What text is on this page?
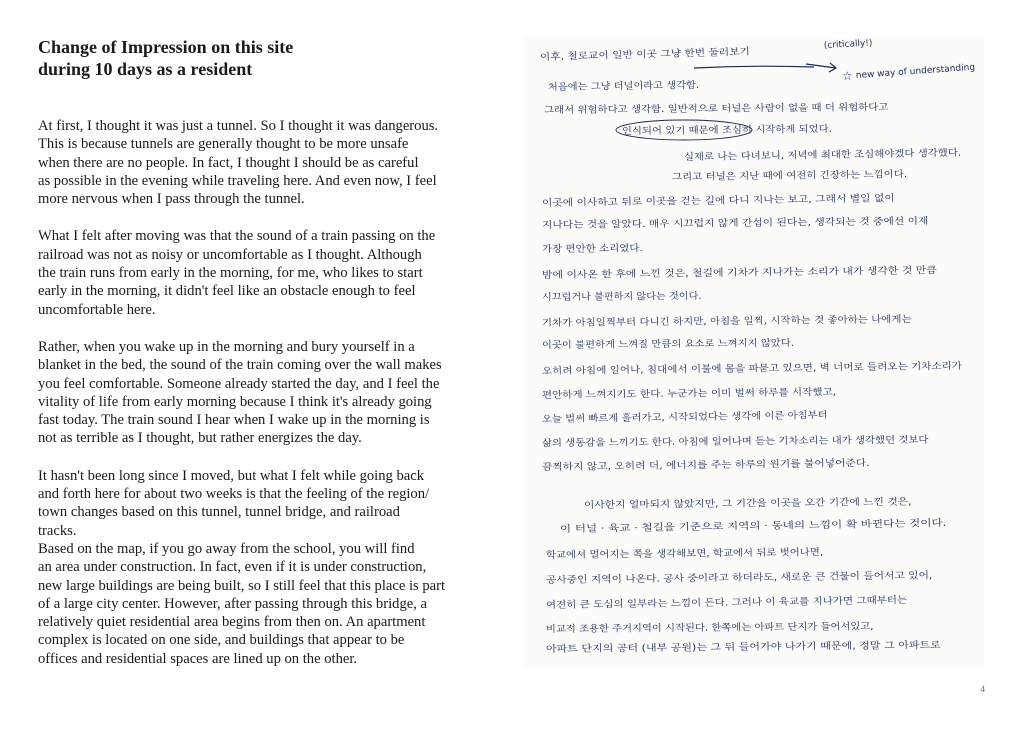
Change of Impression on this site
during 10 days as a resident

At first, I thought it was just a tunnel. So I thought it was dangerous.
This is because tunnels are generally thought to be more unsafe
when there are no people. In fact, I thought I should be as careful
as possible in the evening while traveling here. And even now, I feel
more nervous when I pass through the tunnel.

What I felt after moving was that the sound of a train passing on the
railroad was not as noisy or uncomfortable as I thought. Although
the train runs from early in the morning, for me, who likes to start
early in the morning, it didn't feel like an obstacle enough to feel
uncomfortable here.

Rather, when you wake up in the morning and bury yourself in a
blanket in the bed, the sound of the train coming over the wall makes
you feel comfortable. Someone already started the day, and I feel the
vitality of life from early morning because I think it's already going
fast today. The train sound I hear when I wake up in the morning is
not as terrible as I thought, but rather energizes the day.

It hasn't been long since I moved, but what I felt while going back
and forth here for about two weeks is that the feeling of the region/
town changes based on this tunnel, tunnel bridge, and railroad
tracks.
Based on the map, if you go away from the school, you will find
an area under construction. In fact, even if it is under construction,
new large buildings are being built, so I still feel that this place is part
of a large city center. However, after passing through this bridge, a
relatively quiet residential area begins from then on. An apartment
complex is located on one side, and buildings that appear to be
offices and residential spaces are lined up on the other.

이후, 철로교이 일반 이곳 그냥 한번 둘러보기
처음에는 그냥 터널이라고 생각함.
그래서 위험하다고 생각함. 일반적으로 터널은 사람이 없을 때 더 위험하다고
인식되어 있기 때문에 조심히 시작하게 되었다.
실제로 나는 다녀보니, 저녁에 최대한 조심해야겠다 생각했다.
그리고 터널은 지난 때에 여전히 긴장하는 느낌이다.
이곳에 이사하고 뒤로 이곳을 걷는 길에 다니 지나는 보고, 그래서 별일 없이
지나다는 것을 알았다. 매우 시끄럽지 않게 간섭이 된다는, 생각되는 것 중에선 이제
가장 편안한 소리였다.
밤에 이사온 한 후에 느낀 것은, 철길에 기차가 지나가는 소리가 내가 생각한 것 만큼
시끄럽거나 불편하지 않다는 것이다.
기차가 아침일찍부터 다니긴 하지만, 아침을 일찍, 시작하는 것 좋아하는 나에게는
이곳이 불편하게 느껴질 만큼의 요소로 느껴지지 않았다.
오히려 아침에 일어나, 침대에서 이불에 몸을 파묻고 있으면, 벽 너머로 들려오는 기차소리가
편안하게 느껴지기도 한다. 누군가는 이미 벌써 하루를 시작했고,
오늘 벌써 빠르게 흘러가고, 시작되었다는 생각에 이른 아침부터
삶의 생동감을 느끼기도 한다. 아침에 일어나며 듣는 기차소리는 내가 생각했던 것보다
끔찍하지 않고, 오히려 더, 에너지를 주는 하루의 원기를 불어넣어준다.
이사한지 얼마되지 않았지만, 그 기간을 이곳을 오간 기간에 느낀 것은,
이 터널 · 육교 · 철길을 기준으로 지역의 · 동네의 느낌이 확 바뀐다는 것이다.
학교에서 멀어지는 쪽을 생각해보면, 학교에서 뒤로 벗어나면,
공사중인 지역이 나온다. 공사 중이라고 하더라도, 새로운 큰 건물이 들어서고 있어,
여전히 큰 도심의 일부라는 느낌이 든다. 그러나 이 육교를 지나가면 그때부터는
비교적 조용한 주거지역이 시작된다. 한쪽에는 아파트 단지가 들어서있고,
아파트 단지의 공터 (내부 공원)는 그 뒤 들어가야 나가기 때문에, 정말 그 아파트로
(critically!)
☆ new way of understanding
4
